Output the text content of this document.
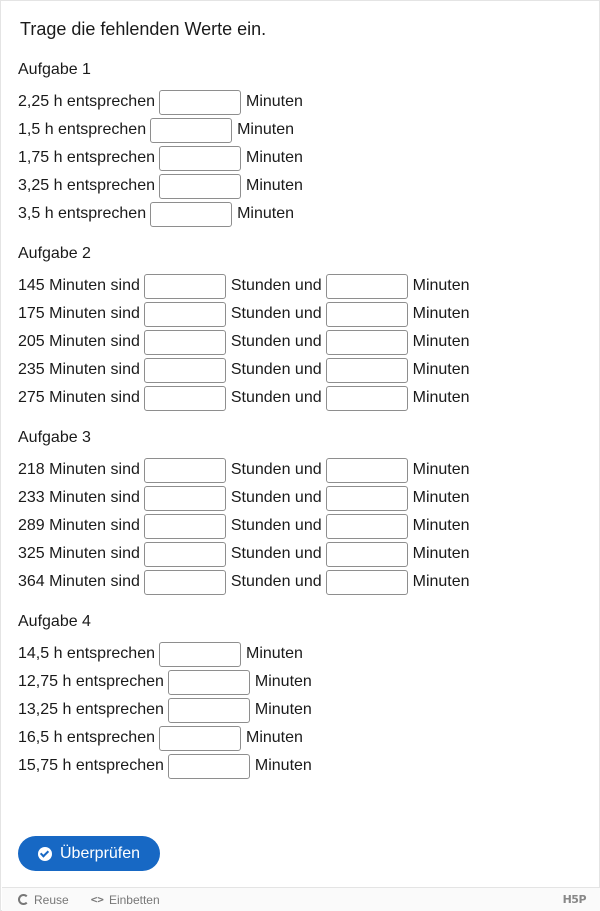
Trage die fehlenden Werte ein.
Aufgabe 1
2,25 h entsprechen	Minuten
1,5 h entsprechen	Minuten
1,75 h entsprechen	Minuten
3,25 h entsprechen	Minuten
3,5 h entsprechen	Minuten
Aufgabe 2
145 Minuten sind	Stunden und	Minuten
175 Minuten sind	Stunden und	Minuten
205 Minuten sind	Stunden und	Minuten
235 Minuten sind	Stunden und	Minuten
275 Minuten sind	Stunden und	Minuten
Aufgabe 3
218 Minuten sind	Stunden und	Minuten
233 Minuten sind	Stunden und	Minuten
289 Minuten sind	Stunden und	Minuten
325 Minuten sind	Stunden und	Minuten
364 Minuten sind	Stunden und	Minuten
Aufgabe 4
14,5 h entsprechen	Minuten
12,75 h entsprechen	Minuten
13,25 h entsprechen	Minuten
16,5 h entsprechen	Minuten
15,75 h entsprechen	Minuten
Überprüfen
Reuse <> Einbetten	H5P
